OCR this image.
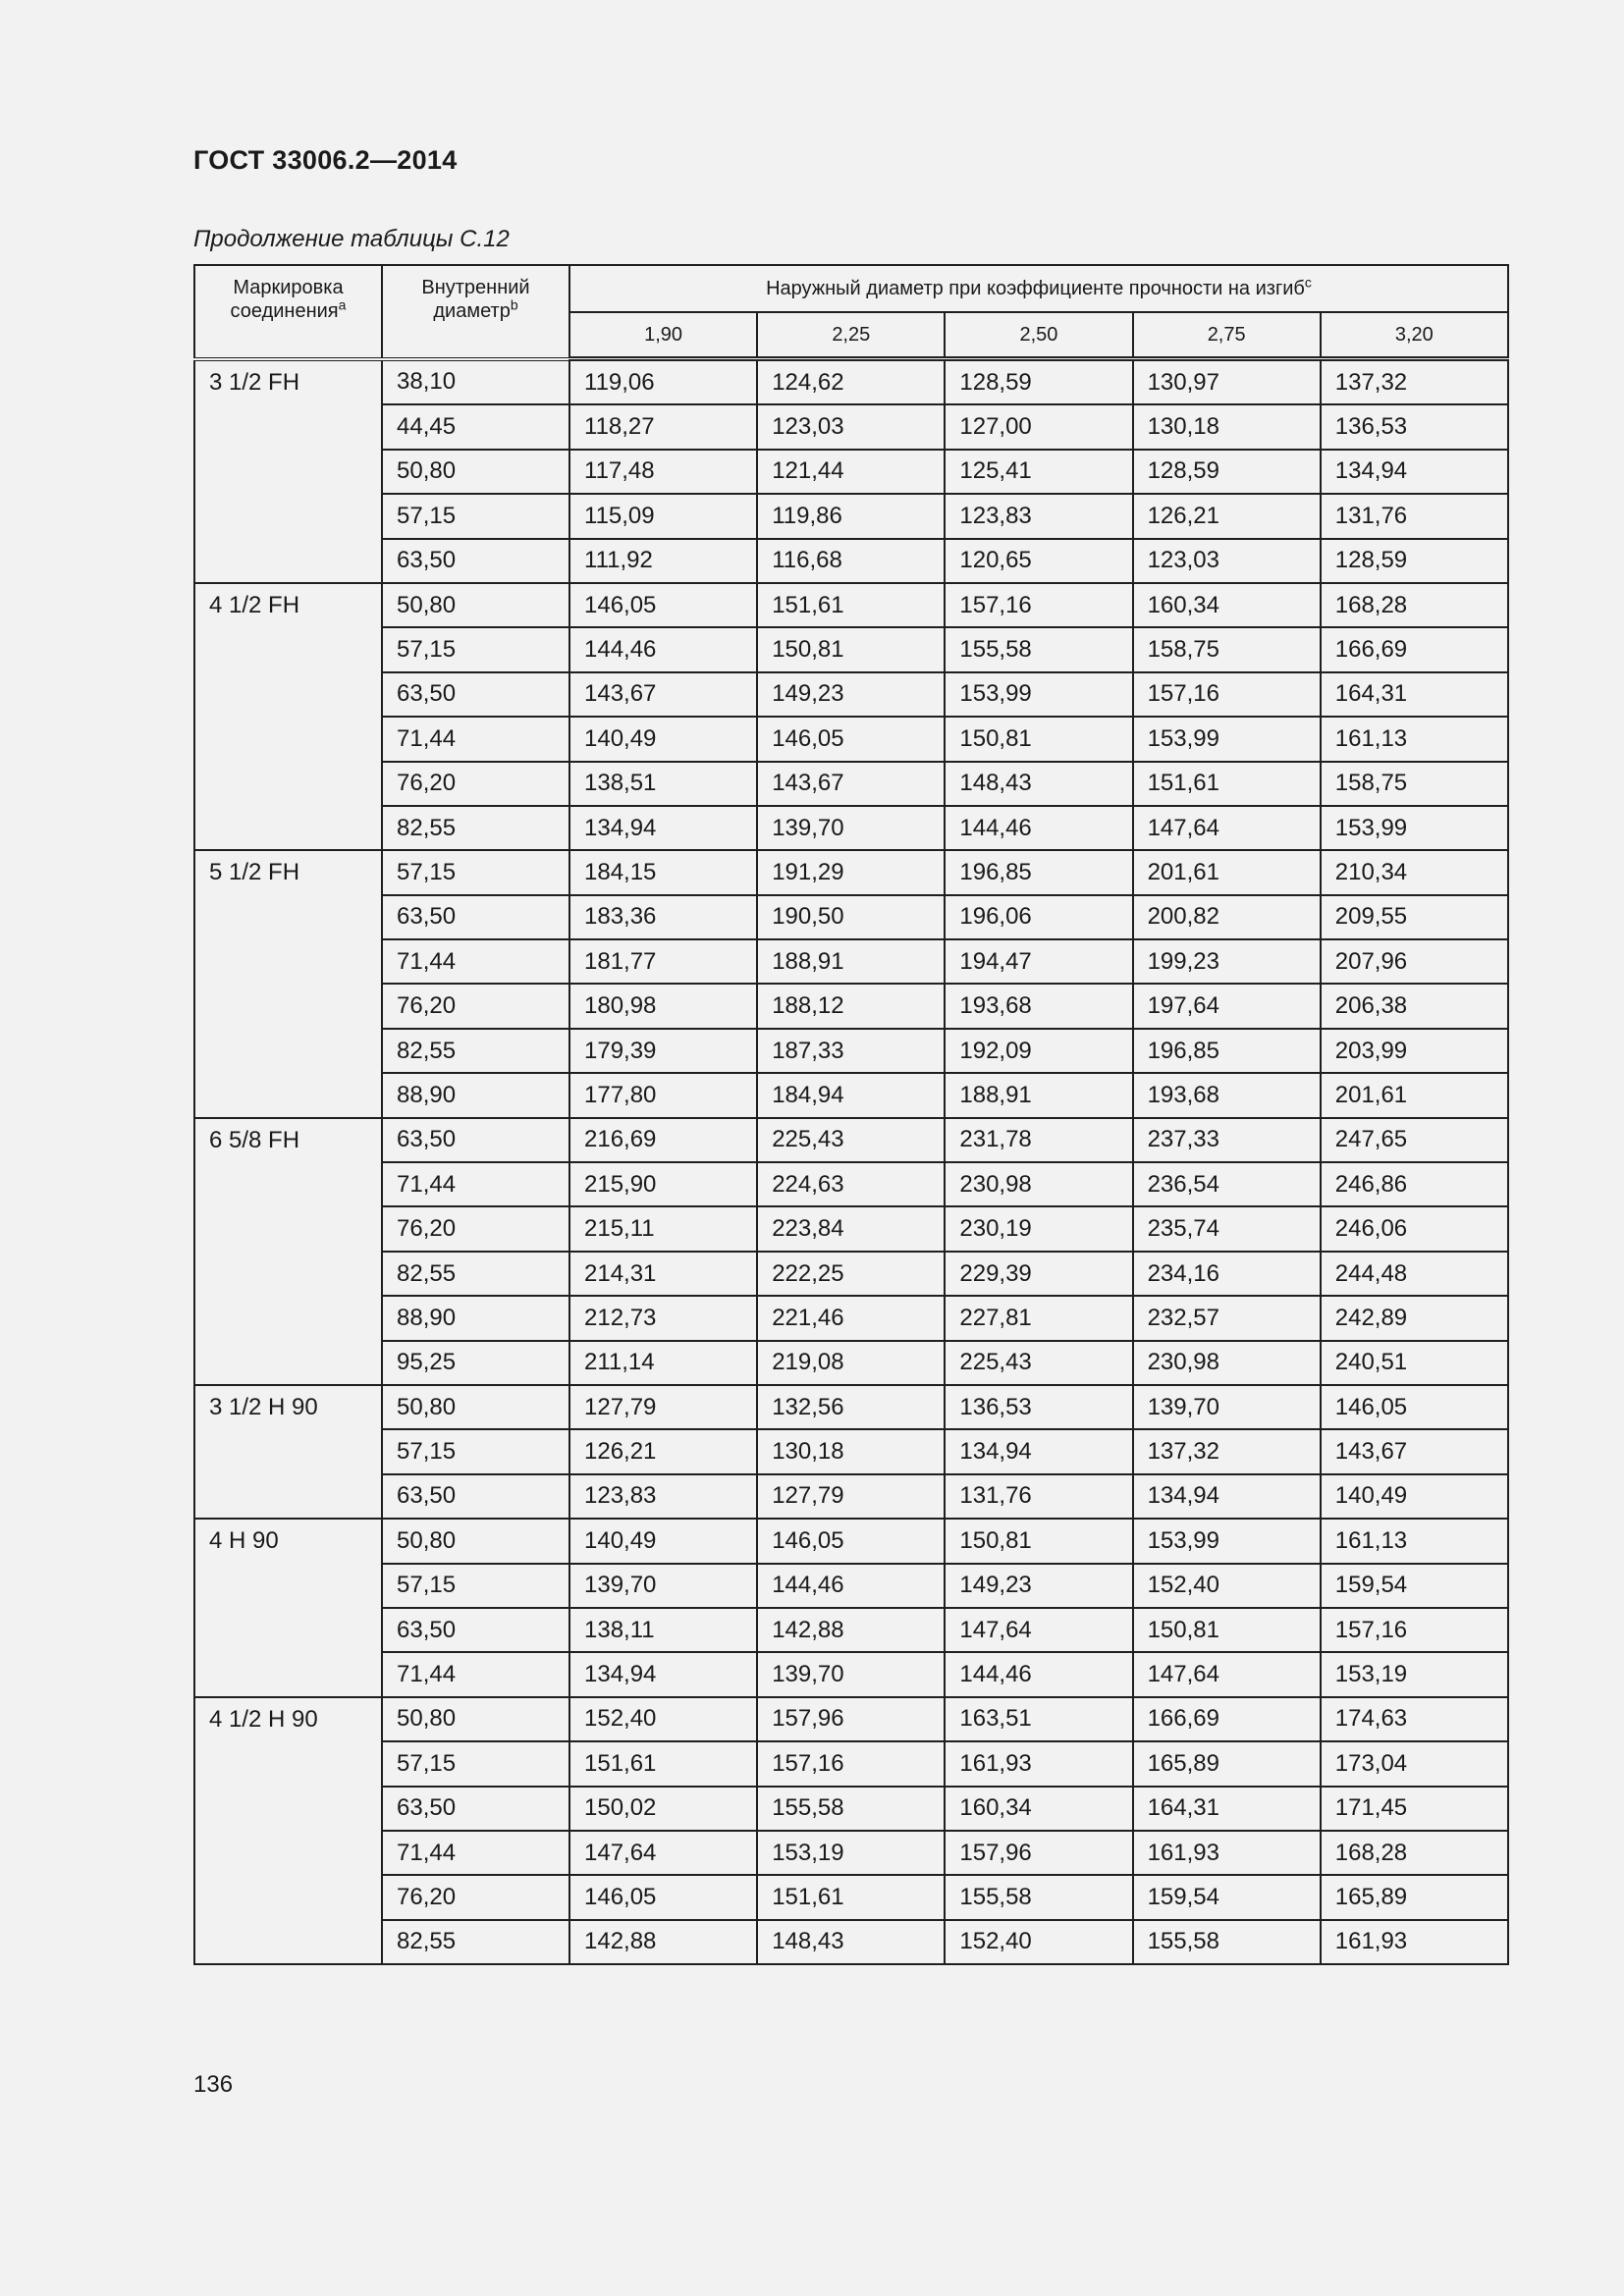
ГОСТ 33006.2—2014
Продолжение таблицы С.12
Маркировка соединения$^a$	Внутренний диаметр$^b$	Наружный диаметр при коэффициенте прочности на изгиб$^c$
		1,90	2,25	2,50	2,75	3,20
3 1/2 FH	38,10	119,06	124,62	128,59	130,97	137,32
	44,45	118,27	123,03	127,00	130,18	136,53
	50,80	117,48	121,44	125,41	128,59	134,94
	57,15	115,09	119,86	123,83	126,21	131,76
	63,50	111,92	116,68	120,65	123,03	128,59
4 1/2 FH	50,80	146,05	151,61	157,16	160,34	168,28
	57,15	144,46	150,81	155,58	158,75	166,69
	63,50	143,67	149,23	153,99	157,16	164,31
	71,44	140,49	146,05	150,81	153,99	161,13
	76,20	138,51	143,67	148,43	151,61	158,75
	82,55	134,94	139,70	144,46	147,64	153,99
5 1/2 FH	57,15	184,15	191,29	196,85	201,61	210,34
	63,50	183,36	190,50	196,06	200,82	209,55
	71,44	181,77	188,91	194,47	199,23	207,96
	76,20	180,98	188,12	193,68	197,64	206,38
	82,55	179,39	187,33	192,09	196,85	203,99
	88,90	177,80	184,94	188,91	193,68	201,61
6 5/8 FH	63,50	216,69	225,43	231,78	237,33	247,65
	71,44	215,90	224,63	230,98	236,54	246,86
	76,20	215,11	223,84	230,19	235,74	246,06
	82,55	214,31	222,25	229,39	234,16	244,48
	88,90	212,73	221,46	227,81	232,57	242,89
	95,25	211,14	219,08	225,43	230,98	240,51
3 1/2 H 90	50,80	127,79	132,56	136,53	139,70	146,05
	57,15	126,21	130,18	134,94	137,32	143,67
	63,50	123,83	127,79	131,76	134,94	140,49
4 H 90	50,80	140,49	146,05	150,81	153,99	161,13
	57,15	139,70	144,46	149,23	152,40	159,54
	63,50	138,11	142,88	147,64	150,81	157,16
	71,44	134,94	139,70	144,46	147,64	153,19
4 1/2 H 90	50,80	152,40	157,96	163,51	166,69	174,63
	57,15	151,61	157,16	161,93	165,89	173,04
	63,50	150,02	155,58	160,34	164,31	171,45
	71,44	147,64	153,19	157,96	161,93	168,28
	76,20	146,05	151,61	155,58	159,54	165,89
	82,55	142,88	148,43	152,40	155,58	161,93
136
